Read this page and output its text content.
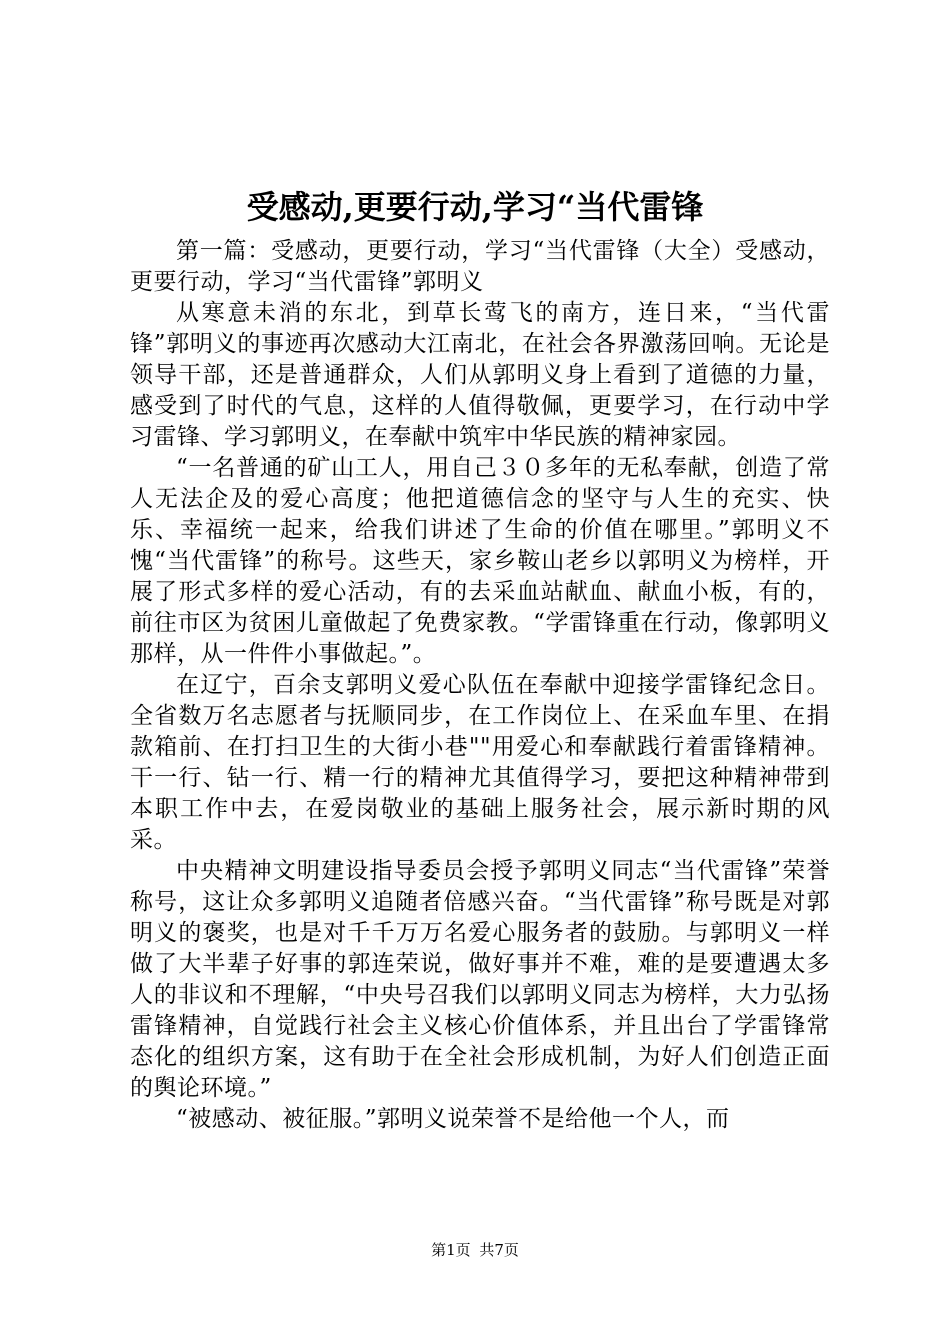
受感动,更要行动,学习“当代雷锋

第一篇：受感动，更要行动，学习“当代雷锋（大全）受感动，更要行动，学习“当代雷锋”郭明义

从寒意未消的东北，到草长莺飞的南方，连日来，“当代雷锋”郭明义的事迹再次感动大江南北，在社会各界激荡回响。无论是领导干部，还是普通群众，人们从郭明义身上看到了道德的力量，感受到了时代的气息，这样的人值得敬佩，更要学习，在行动中学习雷锋、学习郭明义，在奉献中筑牢中华民族的精神家园。

“一名普通的矿山工人，用自己３０多年的无私奉献，创造了常人无法企及的爱心高度；他把道德信念的坚守与人生的充实、快乐、幸福统一起来，给我们讲述了生命的价值在哪里。”郭明义不愧“当代雷锋”的称号。这些天，家乡鞍山老乡以郭明义为榜样，开展了形式多样的爱心活动，有的去采血站献血、献血小板，有的，前往市区为贫困儿童做起了免费家教。“学雷锋重在行动，像郭明义那样，从一件件小事做起。”。

在辽宁，百余支郭明义爱心队伍在奉献中迎接学雷锋纪念日。全省数万名志愿者与抚顺同步，在工作岗位上、在采血车里、在捐款箱前、在打扫卫生的大街小巷""用爱心和奉献践行着雷锋精神。干一行、钻一行、精一行的精神尤其值得学习，要把这种精神带到本职工作中去，在爱岗敬业的基础上服务社会，展示新时期的风采。

中央精神文明建设指导委员会授予郭明义同志“当代雷锋”荣誉称号，这让众多郭明义追随者倍感兴奋。“当代雷锋”称号既是对郭明义的褒奖，也是对千千万万名爱心服务者的鼓励。与郭明义一样做了大半辈子好事的郭连荣说，做好事并不难，难的是要遭遇太多人的非议和不理解，“中央号召我们以郭明义同志为榜样，大力弘扬雷锋精神，自觉践行社会主义核心价值体系，并且出台了学雷锋常态化的组织方案，这有助于在全社会形成机制，为好人们创造正面的舆论环境。”

“被感动、被征服。”郭明义说荣誉不是给他一个人，而

第1页 共7页
